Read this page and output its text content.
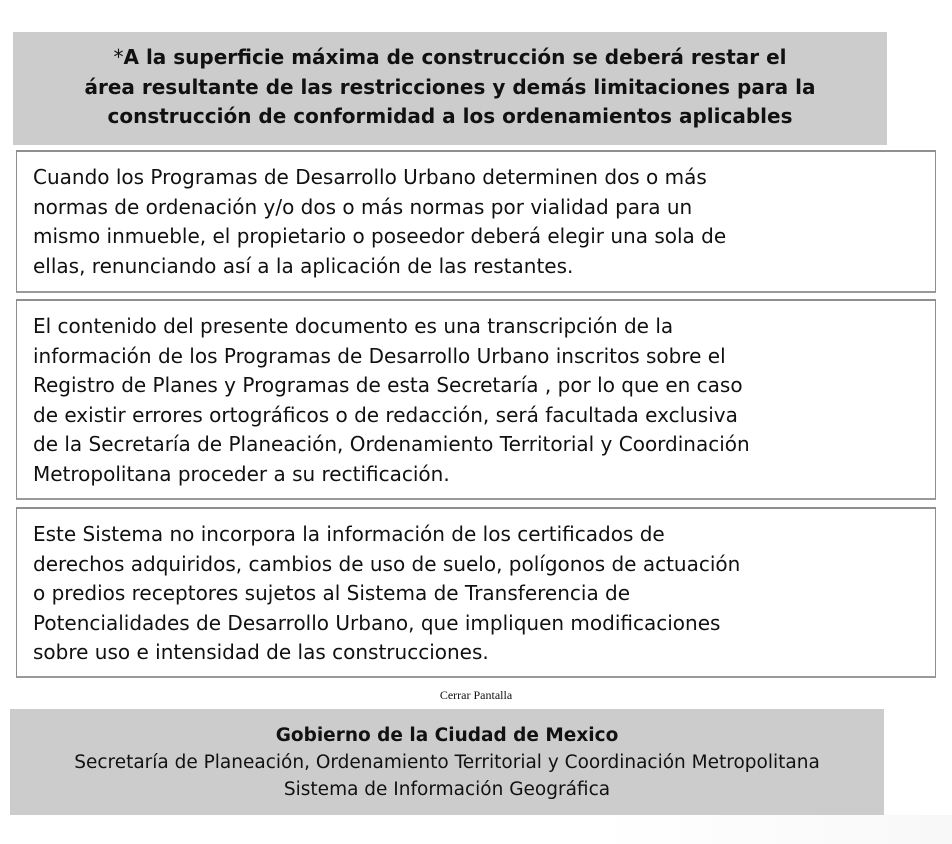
*A la superficie máxima de construcción se deberá restar el
área resultante de las restricciones y demás limitaciones para la
construcción de conformidad a los ordenamientos aplicables
Cuando los Programas de Desarrollo Urbano determinen dos o más
normas de ordenación y/o dos o más normas por vialidad para un
mismo inmueble, el propietario o poseedor deberá elegir una sola de
ellas, renunciando así a la aplicación de las restantes.
El contenido del presente documento es una transcripción de la
información de los Programas de Desarrollo Urbano inscritos sobre el
Registro de Planes y Programas de esta Secretaría , por lo que en caso
de existir errores ortográficos o de redacción, será facultada exclusiva
de la Secretaría de Planeación, Ordenamiento Territorial y Coordinación
Metropolitana proceder a su rectificación.
Este Sistema no incorpora la información de los certificados de
derechos adquiridos, cambios de uso de suelo, polígonos de actuación
o predios receptores sujetos al Sistema de Transferencia de
Potencialidades de Desarrollo Urbano, que impliquen modificaciones
sobre uso e intensidad de las construcciones.
Cerrar Pantalla
Gobierno de la Ciudad de Mexico
Secretaría de Planeación, Ordenamiento Territorial y Coordinación Metropolitana
Sistema de Información Geográfica
